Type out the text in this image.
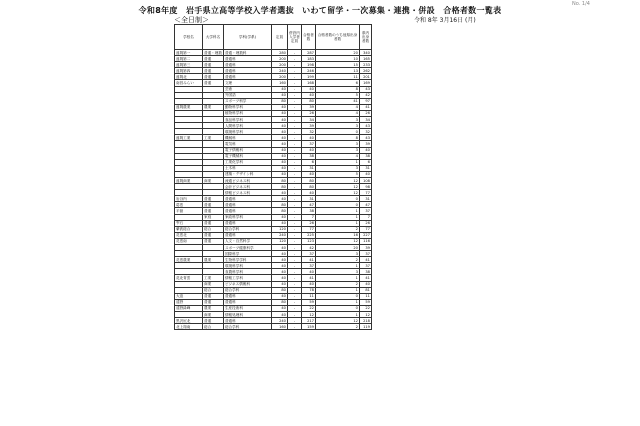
No. 1/4
令和8年度　岩手県立高等学校入学者選抜　いわて留学・一次募集・連携・併設　合格者数一覧表
＜全日制＞	令和 8年 3月16日 (月)
学校名	大学科名	学科(学系)	定員	併設内入学者定員	合格者数	合格者数のうち他県出身者数	県内出身者数
盛岡第一	普通・理数	普通・理数科	280	-	287	20	340
盛岡第二	普通	普通科	200	-	183	10	165
盛岡第三	普通	普通科	200	-	198	15	233
盛岡第四	普通	普通科	240	-	246	13	262
盛岡北	普通	普通科	200	-	199	11	201
南昌みらい	普通	文理	160	-	168	6	169
		芸術	40	-	40	8	43
		外国語	40	-	40	5	42
		スポーツ科学	80	-	80	41	97
盛岡農業	農業	動物科学科	40	-	39	4	41
		植物科学科	40	-	26	4	26
		食品科学科	40	-	34	3	34
		人間科学科	40	-	39	3	43
		環境科学科	40	-	32	0	32
盛岡工業	工業	機械科	40	-	40	8	43
		電気科	40	-	37	3	39
		電子情報科	40	-	40	3	40
		電子機械科	40	-	38	4	38
		工業化学科	40	-	6	1	6
		土木科	40	-	31	3	31
		建築・デザイン科	40	-	40	5	40
盛岡商業	商業	流通ビジネス科	80	-	80	12	108
		会計ビジネス科	80	-	80	12	98
		情報ビジネス科	40	-	40	12	77
岩谷内	普通	普通科	40	-	31	0	31
葛巻	普通	普通科	80	-	47	0	47
平舘	普通	普通科	80	-	38	1	37
	家庭	家政科学科	40	-	7	1	7
雫石	普通	普通科	40	-	26	1	26
紫波総合	総合	総合学科	120	-	77	2	77
花巻北	普通	普通科	240	-	225	16	227
花巻南	普通	人文・自然科学	120	-	123	12	116
		スポーツ健康科学	40	-	42	20	39
		国際科学	40	-	37	3	37
花巻農業	農業	生物科学学科	40	-	41	2	41
		環境科学科	40	-	37	1	37
		食農科学科	40	-	40	3	38
花北青雲	工業	情報工学科	40	-	41	1	41
	商業	ビジネス情報科	40	-	40	2	40
	総合	総合学科	80	-	78	1	81
大迫	普通	普通科	40	-	11	0	11
遠野	普通	普通科	80	-	59	1	59
遠野緑峰	農業	生産技術科	40	-	22	0	22
	商業	情報処理科	40	-	12	1	12
黒沢尻北	普通	普通科	240	-	217	12	218
北上翔南	総合	総合学科	160	-	159	2	119
